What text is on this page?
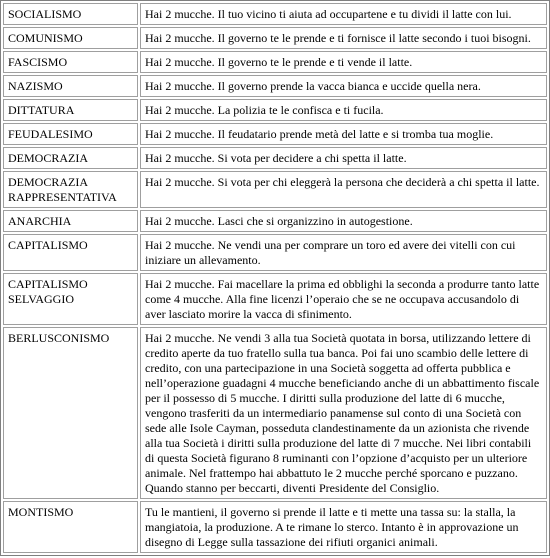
SOCIALISMO	Hai 2 mucche. Il tuo vicino ti aiuta ad occupartene e tu dividi il latte con lui.
COMUNISMO	Hai 2 mucche. Il governo te le prende e ti fornisce il latte secondo i tuoi bisogni.
FASCISMO	Hai 2 mucche. Il governo te le prende e ti vende il latte.
NAZISMO	Hai 2 mucche. Il governo prende la vacca bianca e uccide quella nera.
DITTATURA	Hai 2 mucche. La polizia te le confisca e ti fucila.
FEUDALESIMO	Hai 2 mucche. Il feudatario prende metà del latte e si tromba tua moglie.
DEMOCRAZIA	Hai 2 mucche. Si vota per decidere a chi spetta il latte.
DEMOCRAZIA RAPPRESENTATIVA	Hai 2 mucche. Si vota per chi eleggerà la persona che deciderà a chi spetta il latte.
ANARCHIA	Hai 2 mucche. Lasci che si organizzino in autogestione.
CAPITALISMO	Hai 2 mucche. Ne vendi una per comprare un toro ed avere dei vitelli con cui iniziare un allevamento.
CAPITALISMO SELVAGGIO	Hai 2 mucche. Fai macellare la prima ed obblighi la seconda a produrre tanto latte come 4 mucche. Alla fine licenzi l’operaio che se ne occupava accusandolo di aver lasciato morire la vacca di sfinimento.
BERLUSCONISMO	Hai 2 mucche. Ne vendi 3 alla tua Società quotata in borsa, utilizzando lettere di credito aperte da tuo fratello sulla tua banca. Poi fai uno scambio delle lettere di credito, con una partecipazione in una Società soggetta ad offerta pubblica e nell’operazione guadagni 4 mucche beneficiando anche di un abbattimento fiscale per il possesso di 5 mucche. I diritti sulla produzione del latte di 6 mucche, vengono trasferiti da un intermediario panamense sul conto di una Società con sede alle Isole Cayman, posseduta clandestinamente da un azionista che rivende alla tua Società i diritti sulla produzione del latte di 7 mucche. Nei libri contabili di questa Società figurano 8 ruminanti con l’opzione d’acquisto per un ulteriore animale. Nel frattempo hai abbattuto le 2 mucche perché sporcano e puzzano. Quando stanno per beccarti, diventi Presidente del Consiglio.
MONTISMO	Tu le mantieni, il governo si prende il latte e ti mette una tassa su: la stalla, la mangiatoia, la produzione. A te rimane lo sterco. Intanto è in approvazione un disegno di Legge sulla tassazione dei rifiuti organici animali.
